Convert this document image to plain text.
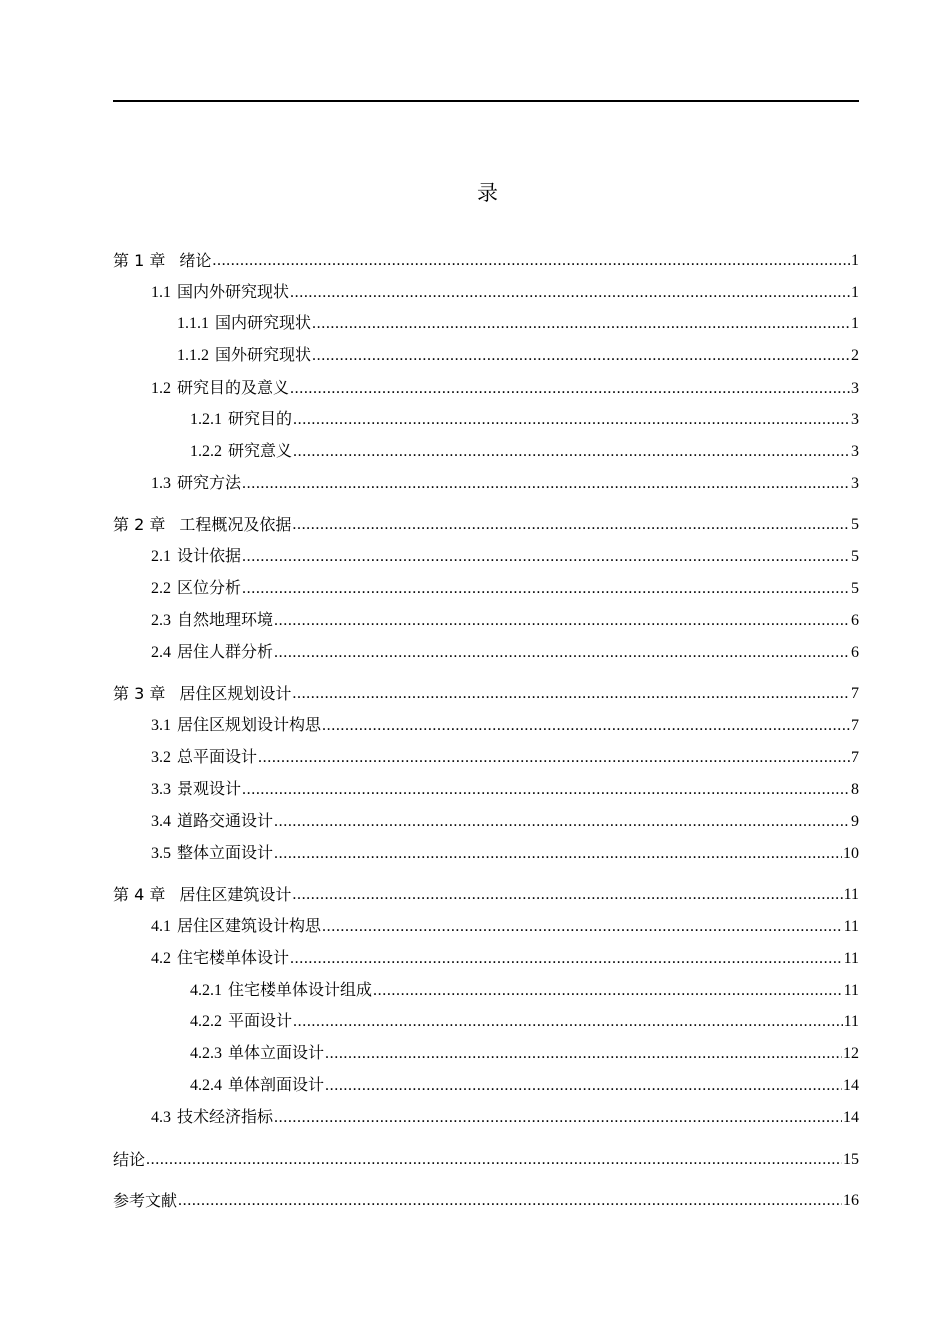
录
第 1 章 绪论 .....	1
1.1 国内外研究现状 .....	1
1.1.1 国内研究现状 .....	1
1.1.2 国外研究现状 .....	2
1.2 研究目的及意义 .....	3
1.2.1 研究目的 .....	3
1.2.2 研究意义 .....	3
1.3 研究方法 .....	3
第 2 章 工程概况及依据 .....	5
2.1 设计依据 .....	5
2.2 区位分析 .....	5
2.3 自然地理环境 .....	6
2.4 居住人群分析 .....	6
第 3 章 居住区规划设计 .....	7
3.1 居住区规划设计构思 .....	7
3.2 总平面设计 .....	7
3.3 景观设计 .....	8
3.4 道路交通设计 .....	9
3.5 整体立面设计 .....	10
第 4 章 居住区建筑设计 .....	11
4.1 居住区建筑设计构思 .....	11
4.2 住宅楼单体设计 .....	11
4.2.1 住宅楼单体设计组成 .....	11
4.2.2 平面设计 .....	11
4.2.3 单体立面设计 .....	12
4.2.4 单体剖面设计 .....	14
4.3 技术经济指标 .....	14
结论 .....	15
参考文献 .....	16
